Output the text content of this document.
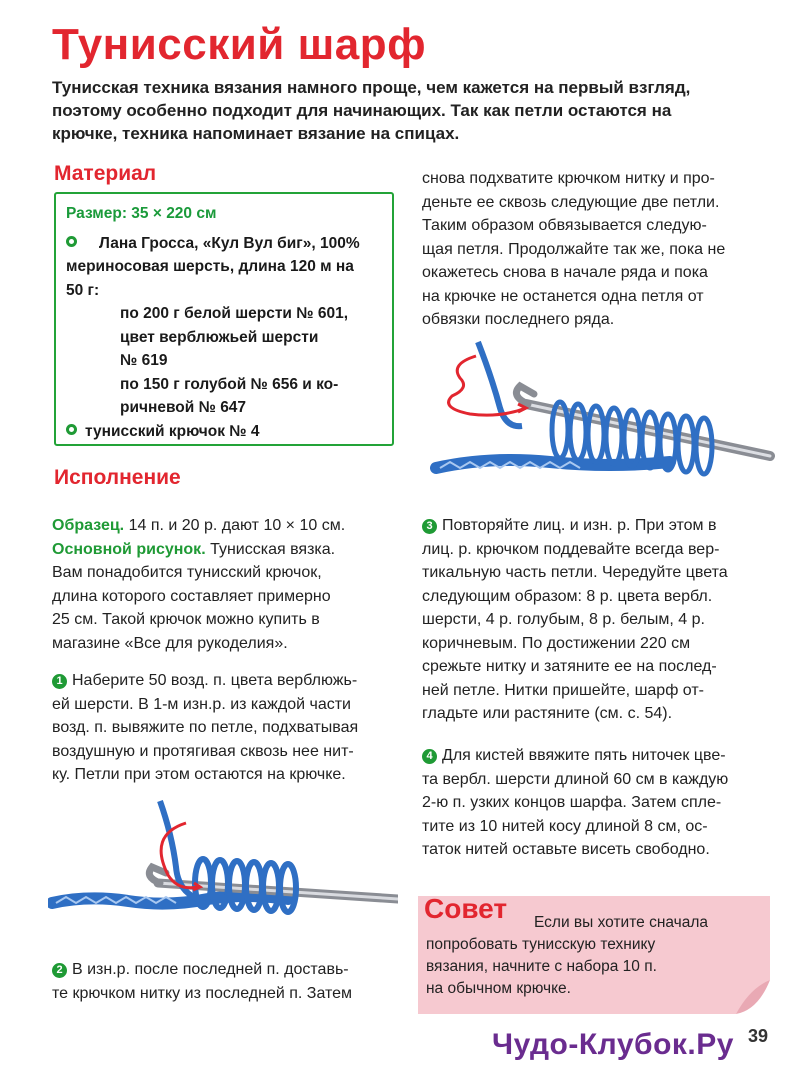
Тунисский шарф

Тунисская техника вязания намного проще, чем кажется на первый взгляд,

поэтому особенно подходит для начинающих. Так как петли остаются на

крючке, техника напоминает вязание на спицах.

Материал
Размер: 35 × 220 см
Лана Гросса, «Кул Вул биг», 100%
мериносовая шерсть, длина 120 м на
50 г:
по 200 г белой шерсти № 601,
цвет верблюжьей шерсти
№ 619
по 150 г голубой № 656 и ко-
ричневой № 647
тунисский крючок № 4
Исполнение

Образец. 14 п. и 20 р. дают 10 × 10 см.

Основной рисунок. Тунисская вязка.

Вам понадобится тунисский крючок,

длина которого составляет примерно

25 см. Такой крючок можно купить в

магазине «Все для рукоделия».

1 Наберите 50 возд. п. цвета верблюжь-

ей шерсти. В 1-м изн.р. из каждой части

возд. п. вывяжите по петле, подхватывая

воздушную и протягивая сквозь нее нит-

ку. Петли при этом остаются на крючке.

2 В изн.р. после последней п. доставь-

те крючком нитку из последней п. Затем

снова подхватите крючком нитку и про-

деньте ее сквозь следующие две петли.

Таким образом обвязывается следую-

щая петля. Продолжайте так же, пока не

окажетесь снова в начале ряда и пока

на крючке не останется одна петля от

обвязки последнего ряда.

3 Повторяйте лиц. и изн. р. При этом в

лиц. р. крючком поддевайте всегда вер-

тикальную часть петли. Чередуйте цвета

следующим образом: 8 р. цвета вербл.

шерсти, 4 р. голубым, 8 р. белым, 4 р.

коричневым. По достижении 220 см

срежьте нитку и затяните ее на послед-

ней петле. Нитки пришейте, шарф от-

гладьте или растяните (см. с. 54).

4 Для кистей ввяжите пять ниточек цве-

та вербл. шерсти длиной 60 см в каждую

2-ю п. узких концов шарфа. Затем спле-

тите из 10 нитей косу длиной 8 см, ос-

таток нитей оставьте висеть свободно.

Совет	Если вы хотите сначала
попробовать тунисскую технику
вязания, начните с набора 10 п.
на обычном крючке.
39
Чудо-Клубок.Ру
